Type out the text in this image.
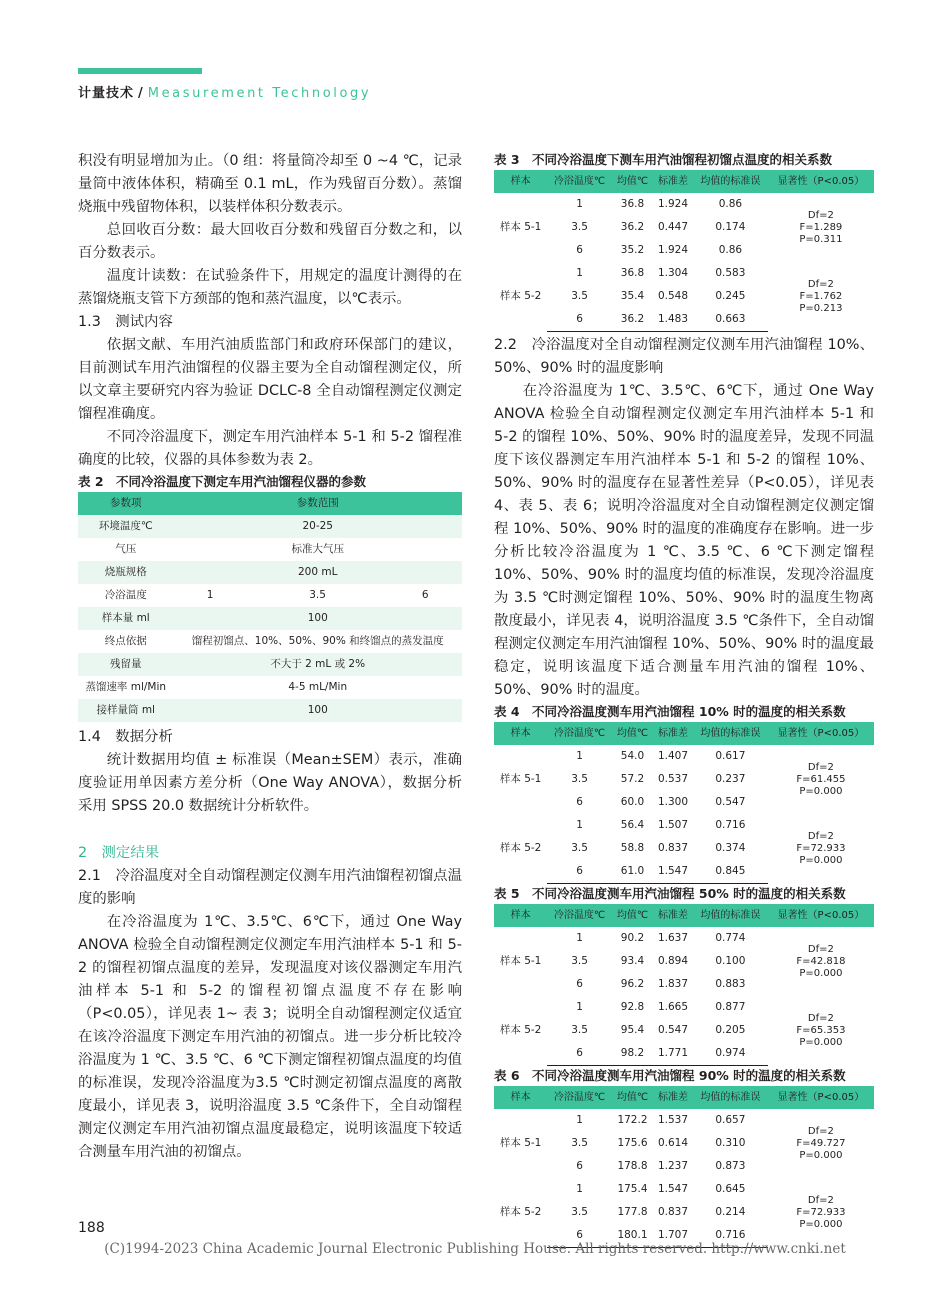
计量技术 / Measurement Technology

积没有明显增加为止。（0 组：将量筒冷却至 0 ~4 ℃，记录量筒中液体体积，精确至 0.1 mL，作为残留百分数）。蒸馏烧瓶中残留物体积，以装样体积分数表示。

总回收百分数：最大回收百分数和残留百分数之和，以百分数表示。

温度计读数：在试验条件下，用规定的温度计测得的在蒸馏烧瓶支管下方颈部的饱和蒸汽温度，以℃表示。

1.3　测试内容

依据文献、车用汽油质监部门和政府环保部门的建议，目前测试车用汽油馏程的仪器主要为全自动馏程测定仪，所以文章主要研究内容为验证 DCLC-8 全自动馏程测定仪测定馏程准确度。

不同冷浴温度下，测定车用汽油样本 5-1 和 5-2 馏程准确度的比较，仪器的具体参数为表 2。

表 2　不同冷浴温度下测定车用汽油馏程仪器的参数

参数项	参数范围		
环境温度℃	20-25		
气压	标准大气压		
烧瓶规格	200 mL		
冷浴温度	1	3.5	6
样本量 ml	100		
终点依据	馏程初馏点、10%、50%、90% 和终馏点的蒸发温度		
残留量	不大于 2 mL 或 2%		
蒸馏速率 ml/Min	4-5 mL/Min		
接样量筒 ml	100		

1.4　数据分析

统计数据用均值 ± 标准误（Mean±SEM）表示，准确度验证用单因素方差分析（One Way ANOVA），数据分析采用 SPSS 20.0 数据统计分析软件。

2　测定结果

2.1　冷浴温度对全自动馏程测定仪测车用汽油馏程初馏点温度的影响

在冷浴温度为 1℃、3.5℃、6℃下，通过 One Way ANOVA 检验全自动馏程测定仪测定车用汽油样本 5-1 和 5-2 的馏程初馏点温度的差异，发现温度对该仪器测定车用汽油样本 5-1 和 5-2 的馏程初馏点温度不存在影响（P<0.05），详见表 1~ 表 3；说明全自动馏程测定仪适宜在该冷浴温度下测定车用汽油的初馏点。进一步分析比较冷浴温度为 1 ℃、3.5 ℃、6 ℃下测定馏程初馏点温度的均值的标准误，发现冷浴温度为3.5 ℃时测定初馏点温度的离散度最小，详见表 3，说明浴温度 3.5 ℃条件下，全自动馏程测定仪测定车用汽油初馏点温度最稳定，说明该温度下较适合测量车用汽油的初馏点。

表 3　不同冷浴温度下测车用汽油馏程初馏点温度的相关系数

样本	冷浴温度℃	均值℃	标准差	均值的标准误	显著性（P<0.05）
样本 5-1	1	36.8	1.924	0.86	Df=2
F=1.289
P=0.311

	3.5	36.2	0.447	0.174	
	6	35.2	1.924	0.86	
样本 5-2	1	36.8	1.304	0.583	Df=2
F=1.762
P=0.213

	3.5	35.4	0.548	0.245	
	6	36.2	1.483	0.663	

2.2　冷浴温度对全自动馏程测定仪测车用汽油馏程 10%、50%、90% 时的温度影响

在冷浴温度为 1℃、3.5℃、6℃下，通过 One Way ANOVA 检验全自动馏程测定仪测定车用汽油样本 5-1 和 5-2 的馏程 10%、50%、90% 时的温度差异，发现不同温度下该仪器测定车用汽油样本 5-1 和 5-2 的馏程 10%、50%、90% 时的温度存在显著性差异（P<0.05），详见表 4、表 5、表 6；说明冷浴温度对全自动馏程测定仪测定馏程 10%、50%、90% 时的温度的准确度存在影响。进一步分析比较冷浴温度为 1 ℃、3.5 ℃、6 ℃下测定馏程 10%、50%、90% 时的温度均值的标准误，发现冷浴温度为 3.5 ℃时测定馏程 10%、50%、90% 时的温度生物离散度最小，详见表 4，说明浴温度 3.5 ℃条件下，全自动馏程测定仪测定车用汽油馏程 10%、50%、90% 时的温度最稳定，说明该温度下适合测量车用汽油的馏程 10%、50%、90% 时的温度。

表 4　不同冷浴温度测车用汽油馏程 10% 时的温度的相关系数

样本	冷浴温度℃	均值℃	标准差	均值的标准误	显著性（P<0.05）
样本 5-1	1	54.0	1.407	0.617	Df=2
F=61.455
P=0.000

	3.5	57.2	0.537	0.237	
	6	60.0	1.300	0.547	
样本 5-2	1	56.4	1.507	0.716	Df=2
F=72.933
P=0.000

	3.5	58.8	0.837	0.374	
	6	61.0	1.547	0.845	

表 5　不同冷浴温度测车用汽油馏程 50% 时的温度的相关系数

样本	冷浴温度℃	均值℃	标准差	均值的标准误	显著性（P<0.05）
样本 5-1	1	90.2	1.637	0.774	Df=2
F=42.818
P=0.000

	3.5	93.4	0.894	0.100	
	6	96.2	1.837	0.883	
样本 5-2	1	92.8	1.665	0.877	Df=2
F=65.353
P=0.000

	3.5	95.4	0.547	0.205	
	6	98.2	1.771	0.974	

表 6　不同冷浴温度测车用汽油馏程 90% 时的温度的相关系数

样本	冷浴温度℃	均值℃	标准差	均值的标准误	显著性（P<0.05）
样本 5-1	1	172.2	1.537	0.657	Df=2
F=49.727
P=0.000

	3.5	175.6	0.614	0.310	
	6	178.8	1.237	0.873	
样本 5-2	1	175.4	1.547	0.645	Df=2
F=72.933
P=0.000

	3.5	177.8	0.837	0.214	
	6	180.1	1.707	0.716	
188
(C)1994-2023 China Academic Journal Electronic Publishing House. All rights reserved. http://www.cnki.net
